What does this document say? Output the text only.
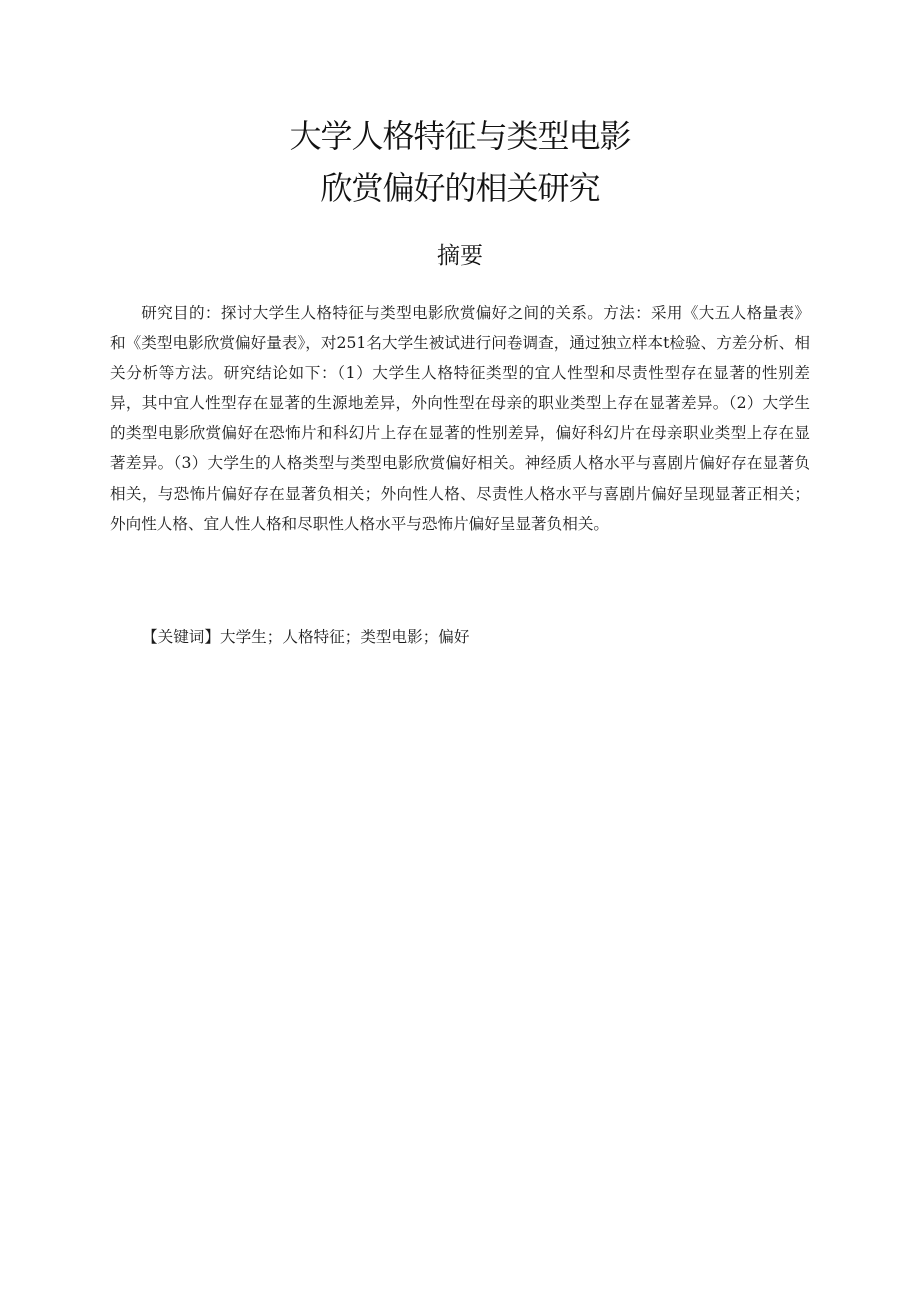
大学人格特征与类型电影
欣赏偏好的相关研究
摘要

研究目的：探讨大学生人格特征与类型电影欣赏偏好之间的关系。方法：采用《大五人格量表》和《类型电影欣赏偏好量表》，对251名大学生被试进行问卷调查，通过独立样本t检验、方差分析、相关分析等方法。研究结论如下：（1）大学生人格特征类型的宜人性型和尽责性型存在显著的性别差异，其中宜人性型存在显著的生源地差异，外向性型在母亲的职业类型上存在显著差异。（2）大学生的类型电影欣赏偏好在恐怖片和科幻片上存在显著的性别差异，偏好科幻片在母亲职业类型上存在显著差异。（3）大学生的人格类型与类型电影欣赏偏好相关。神经质人格水平与喜剧片偏好存在显著负相关，与恐怖片偏好存在显著负相关；外向性人格、尽责性人格水平与喜剧片偏好呈现显著正相关；外向性人格、宜人性人格和尽职性人格水平与恐怖片偏好呈显著负相关。

【关键词】大学生；人格特征；类型电影；偏好
